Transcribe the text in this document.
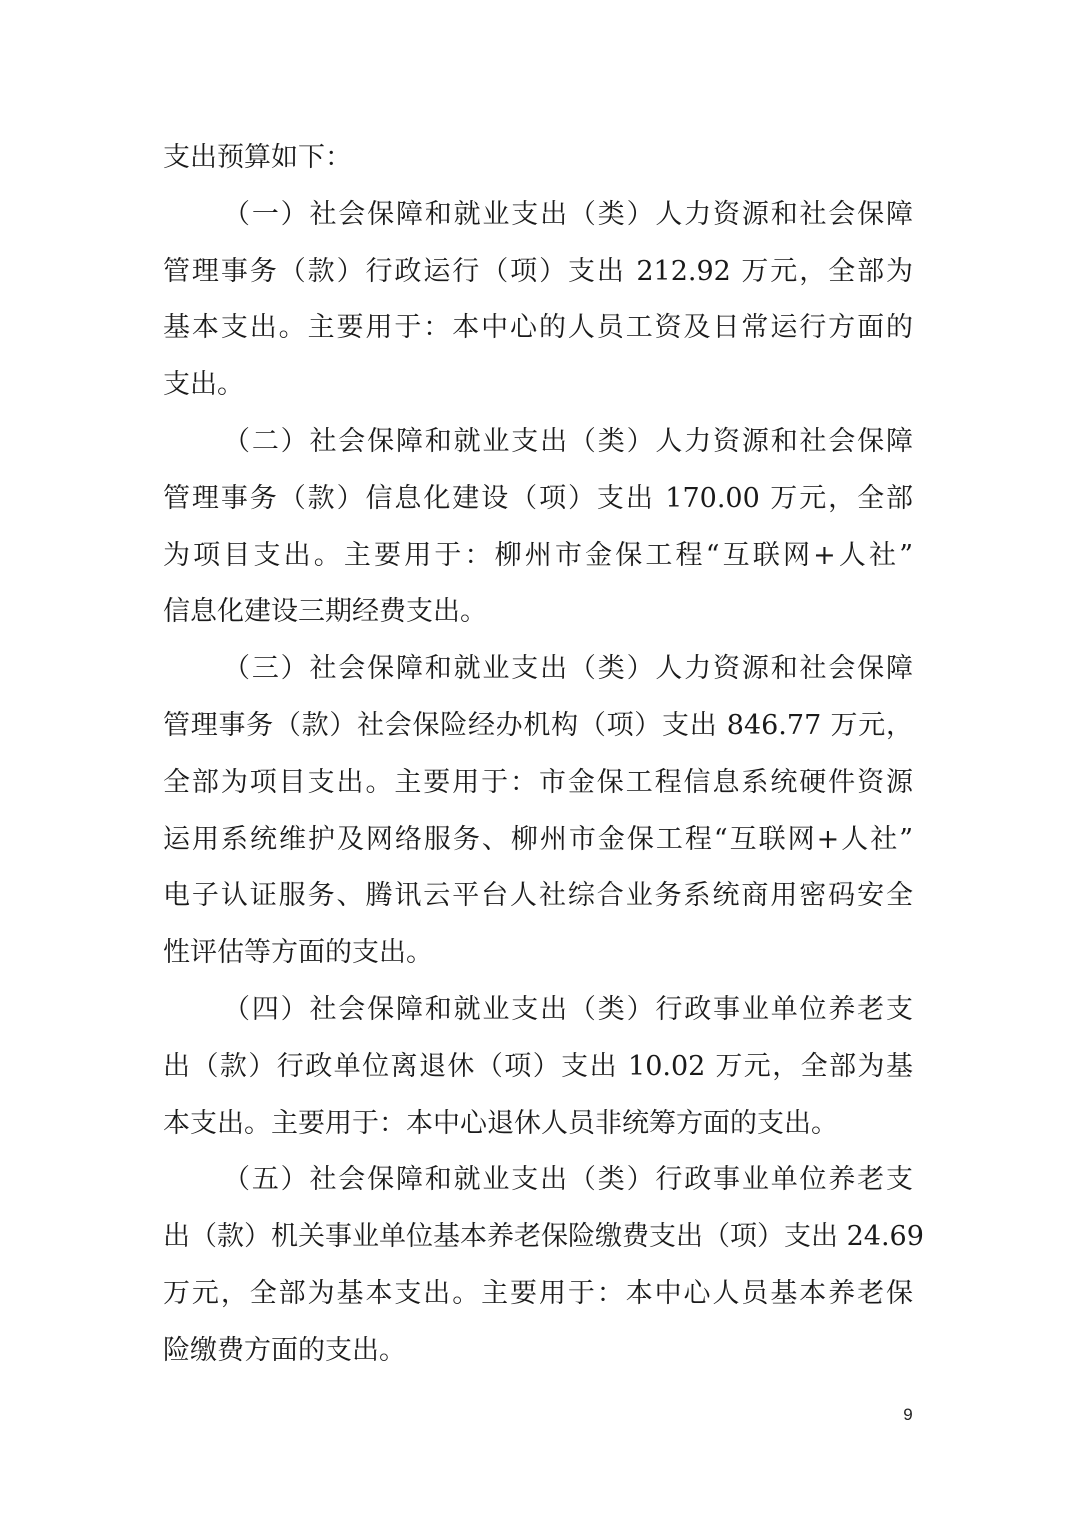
支出预算如下：
（一）社会保障和就业支出（类）人力资源和社会保障
管理事务（款）行政运行（项）支出 212.92 万元，全部为
基本支出。主要用于：本中心的人员工资及日常运行方面的
支出。
（二）社会保障和就业支出（类）人力资源和社会保障
管理事务（款）信息化建设（项）支出 170.00 万元，全部
为项目支出。主要用于：柳州市金保工程“互联网+人社”
信息化建设三期经费支出。
（三）社会保障和就业支出（类）人力资源和社会保障
管理事务（款）社会保险经办机构（项）支出 846.77 万元，
全部为项目支出。主要用于：市金保工程信息系统硬件资源
运用系统维护及网络服务、柳州市金保工程“互联网+人社”
电子认证服务、腾讯云平台人社综合业务系统商用密码安全
性评估等方面的支出。
（四）社会保障和就业支出（类）行政事业单位养老支
出（款）行政单位离退休（项）支出 10.02 万元，全部为基
本支出。主要用于：本中心退休人员非统筹方面的支出。
（五）社会保障和就业支出（类）行政事业单位养老支
出（款）机关事业单位基本养老保险缴费支出（项）支出 24.69
万元，全部为基本支出。主要用于：本中心人员基本养老保
险缴费方面的支出。
9
